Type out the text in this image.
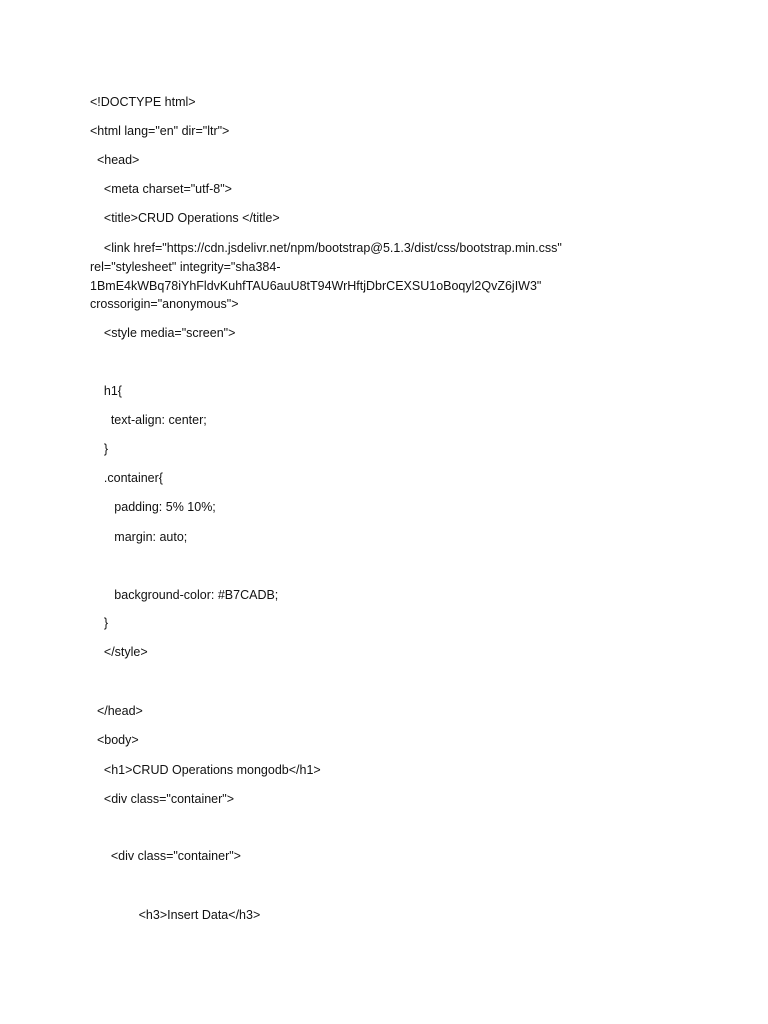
<!DOCTYPE html>
<html lang="en" dir="ltr">
<head>
<meta charset="utf-8">
<title>CRUD Operations </title>
<link href="https://cdn.jsdelivr.net/npm/bootstrap@5.1.3/dist/css/bootstrap.min.css"
rel="stylesheet" integrity="sha384-
1BmE4kWBq78iYhFldvKuhfTAU6auU8tT94WrHftjDbrCEXSU1oBoqyl2QvZ6jIW3"
crossorigin="anonymous">
<style media="screen">
h1{
text-align: center;
}
.container{
padding: 5% 10%;
margin: auto;
background-color: #B7CADB;
}
</style>
</head>
<body>
<h1>CRUD Operations mongodb</h1>
<div class="container">
<div class="container">
<h3>Insert Data</h3>
